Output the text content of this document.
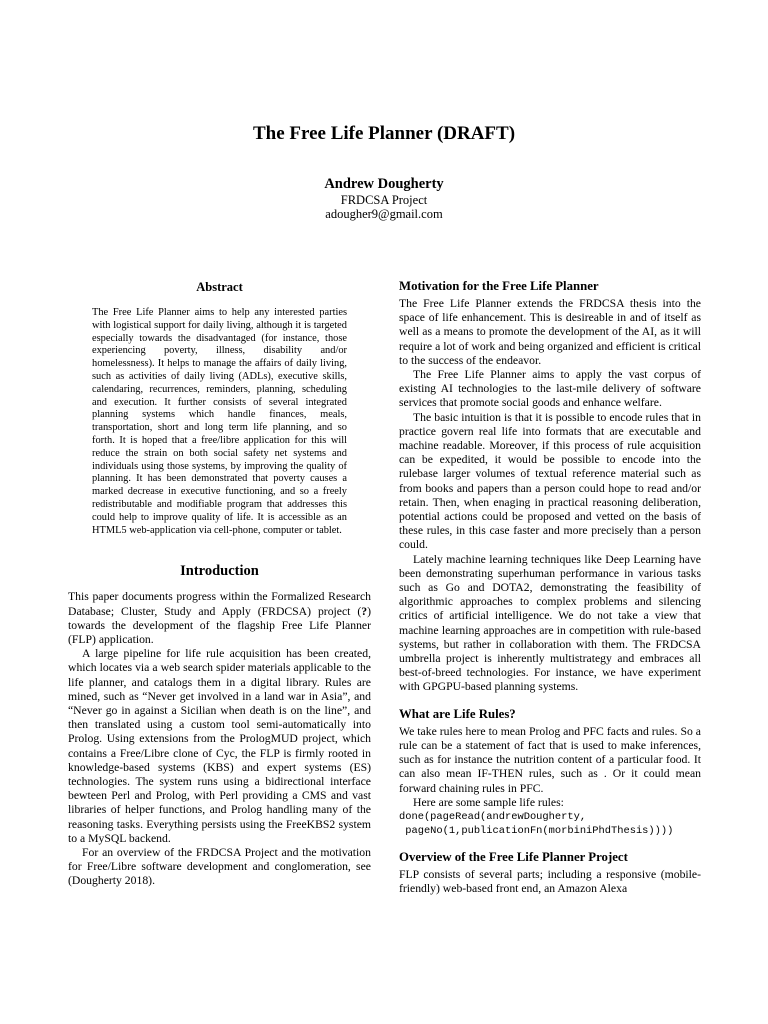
The Free Life Planner (DRAFT)
Andrew Dougherty
FRDCSA Project
adougher9@gmail.com
Abstract
The Free Life Planner aims to help any interested parties with logistical support for daily living, although it is targeted especially towards the disadvantaged (for instance, those experiencing poverty, illness, disability and/or homelessness). It helps to manage the affairs of daily living, such as activities of daily living (ADLs), executive skills, calendaring, recurrences, reminders, planning, scheduling and execution. It further consists of several integrated planning systems which handle finances, meals, transportation, short and long term life planning, and so forth. It is hoped that a free/libre application for this will reduce the strain on both social safety net systems and individuals using those systems, by improving the quality of planning. It has been demonstrated that poverty causes a marked decrease in executive functioning, and so a freely redistributable and modifiable program that addresses this could help to improve quality of life. It is accessible as an HTML5 web-application via cell-phone, computer or tablet.
Introduction

This paper documents progress within the Formalized Research Database; Cluster, Study and Apply (FRDCSA) project (?) towards the development of the flagship Free Life Planner (FLP) application.

A large pipeline for life rule acquisition has been created, which locates via a web search spider materials applicable to the life planner, and catalogs them in a digital library. Rules are mined, such as “Never get involved in a land war in Asia”, and “Never go in against a Sicilian when death is on the line”, and then translated using a custom tool semi-automatically into Prolog. Using extensions from the PrologMUD project, which contains a Free/Libre clone of Cyc, the FLP is firmly rooted in knowledge-based systems (KBS) and expert systems (ES) technologies. The system runs using a bidirectional interface bewteen Perl and Prolog, with Perl providing a CMS and vast libraries of helper functions, and Prolog handling many of the reasoning tasks. Everything persists using the FreeKBS2 system to a MySQL backend.

For an overview of the FRDCSA Project and the motivation for Free/Libre software development and conglomeration, see (Dougherty 2018).

Motivation for the Free Life Planner

The Free Life Planner extends the FRDCSA thesis into the space of life enhancement. This is desireable in and of itself as well as a means to promote the development of the AI, as it will require a lot of work and being organized and efficient is critical to the success of the endeavor.

The Free Life Planner aims to apply the vast corpus of existing AI technologies to the last-mile delivery of software services that promote social goods and enhance welfare.

The basic intuition is that it is possible to encode rules that in practice govern real life into formats that are executable and machine readable. Moreover, if this process of rule acquisition can be expedited, it would be possible to encode into the rulebase larger volumes of textual reference material such as from books and papers than a person could hope to read and/or retain. Then, when enaging in practical reasoning deliberation, potential actions could be proposed and vetted on the basis of these rules, in this case faster and more precisely than a person could.

Lately machine learning techniques like Deep Learning have been demonstrating superhuman performance in various tasks such as Go and DOTA2, demonstrating the feasibility of algorithmic approaches to complex problems and silencing critics of artificial intelligence. We do not take a view that machine learning approaches are in competition with rule-based systems, but rather in collaboration with them. The FRDCSA umbrella project is inherently multistrategy and embraces all best-of-breed technologies. For instance, we have experiment with GPGPU-based planning systems.

What are Life Rules?

We take rules here to mean Prolog and PFC facts and rules. So a rule can be a statement of fact that is used to make inferences, such as for instance the nutrition content of a particular food. It can also mean IF-THEN rules, such as . Or it could mean forward chaining rules in PFC.

Here are some sample life rules:

done(pageRead(andrewDougherty,
pageNo(1,publicationFn(morbiniPhdThesis))))
Overview of the Free Life Planner Project

FLP consists of several parts; including a responsive (mobile-friendly) web-based front end, an Amazon Alexa
